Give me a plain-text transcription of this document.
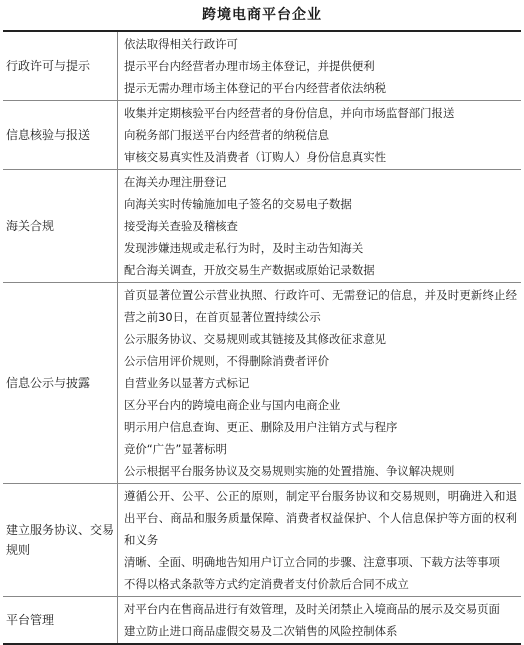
跨境电商平台企业
行政许可与提示
依法取得相关行政许可
提示平台内经营者办理市场主体登记，并提供便利
提示无需办理市场主体登记的平台内经营者依法纳税
信息核验与报送
收集并定期核验平台内经营者的身份信息，并向市场监督部门报送
向税务部门报送平台内经营者的纳税信息
审核交易真实性及消费者（订购人）身份信息真实性
海关合规
在海关办理注册登记
向海关实时传输施加电子签名的交易电子数据
接受海关查验及稽核查
发现涉嫌违规或走私行为时，及时主动告知海关
配合海关调查，开放交易生产数据或原始记录数据
信息公示与披露
首页显著位置公示营业执照、行政许可、无需登记的信息，并及时更新终止经营之前30日，在首页显著位置持续公示
公示服务协议、交易规则或其链接及其修改征求意见
公示信用评价规则，不得删除消费者评价
自营业务以显著方式标记
区分平台内的跨境电商企业与国内电商企业
明示用户信息查询、更正、删除及用户注销方式与程序
竞价“广告”显著标明
公示根据平台服务协议及交易规则实施的处置措施、争议解决规则
建立服务协议、交易规则
遵循公开、公平、公正的原则，制定平台服务协议和交易规则，明确进入和退出平台、商品和服务质量保障、消费者权益保护、个人信息保护等方面的权利和义务
清晰、全面、明确地告知用户订立合同的步骤、注意事项、下载方法等事项
不得以格式条款等方式约定消费者支付价款后合同不成立
平台管理
对平台内在售商品进行有效管理，及时关闭禁止入境商品的展示及交易页面
建立防止进口商品虚假交易及二次销售的风险控制体系
